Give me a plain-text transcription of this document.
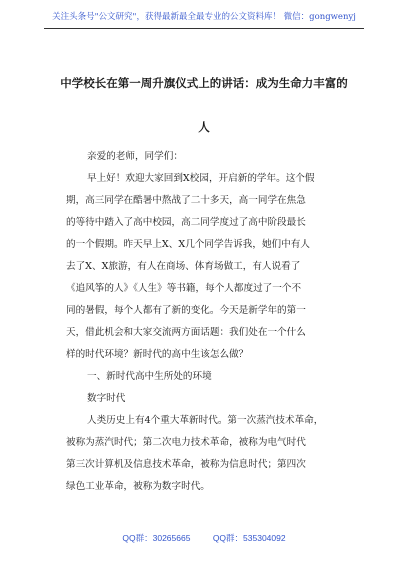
关注头条号"公文研究"，获得最新最全最专业的公文资料库！ 微信：gongwenyj
中学校长在第一周升旗仪式上的讲话：成为生命力丰富的
人
亲爱的老师，同学们：
早上好！欢迎大家回到X校园，开启新的学年。这个假
期，高三同学在酷暑中熬战了二十多天，高一同学在焦急
的等待中踏入了高中校园，高二同学度过了高中阶段最长
的一个假期。昨天早上X、X几个同学告诉我，她们中有人
去了X、X旅游，有人在商场、体育场做工，有人说看了
《追风筝的人》《人生》等书籍，每个人都度过了一个不
同的暑假，每个人都有了新的变化。今天是新学年的第一
天，借此机会和大家交流两方面话题：我们处在一个什么
样的时代环境？新时代的高中生该怎么做？
一、新时代高中生所处的环境
数字时代
人类历史上有4个重大革新时代。第一次蒸汽技术革命，
被称为蒸汽时代；第二次电力技术革命，被称为电气时代
第三次计算机及信息技术革命，被称为信息时代；第四次
绿色工业革命，被称为数字时代。
QQ群：30265665	QQ群：535304092
